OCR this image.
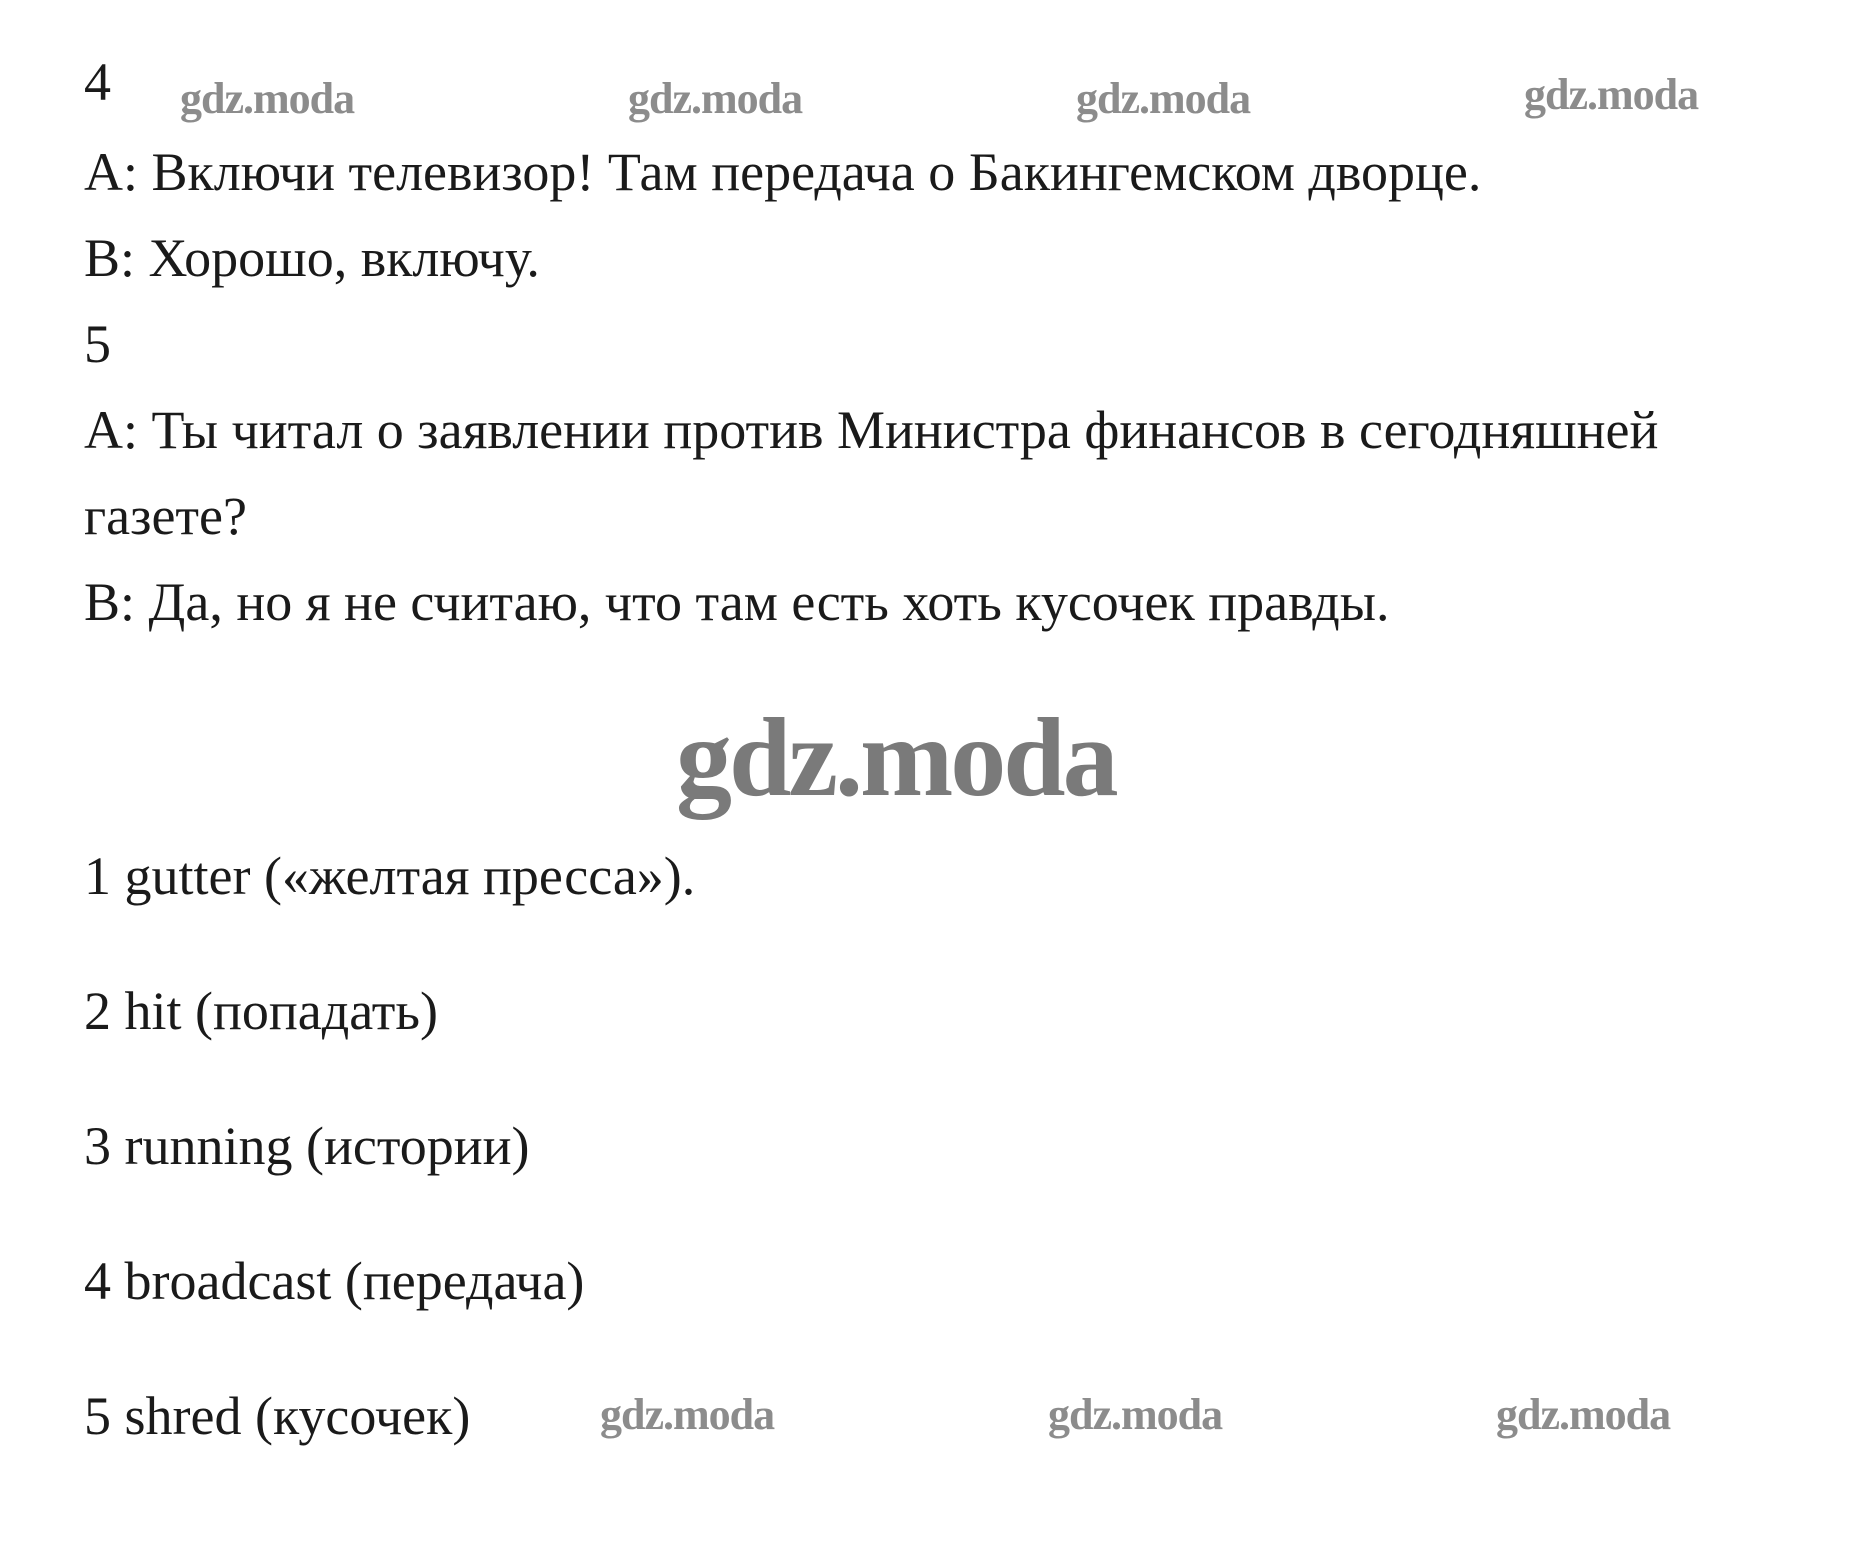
4
A: Включи телевизор! Там передача о Бакингемском дворце.
B: Хорошо, включу.
5
A: Ты читал о заявлении против Министра финансов в сегодняшней
газете?
B: Да, но я не считаю, что там есть хоть кусочек правды.
1 gutter («желтая пресса»).
2 hit (попадать)
3 running (истории)
4 broadcast (передача)
5 shred (кусочек)
gdz.moda	gdz.moda	gdz.moda	gdz.moda
gdz.moda
gdz.moda	gdz.moda	gdz.moda
